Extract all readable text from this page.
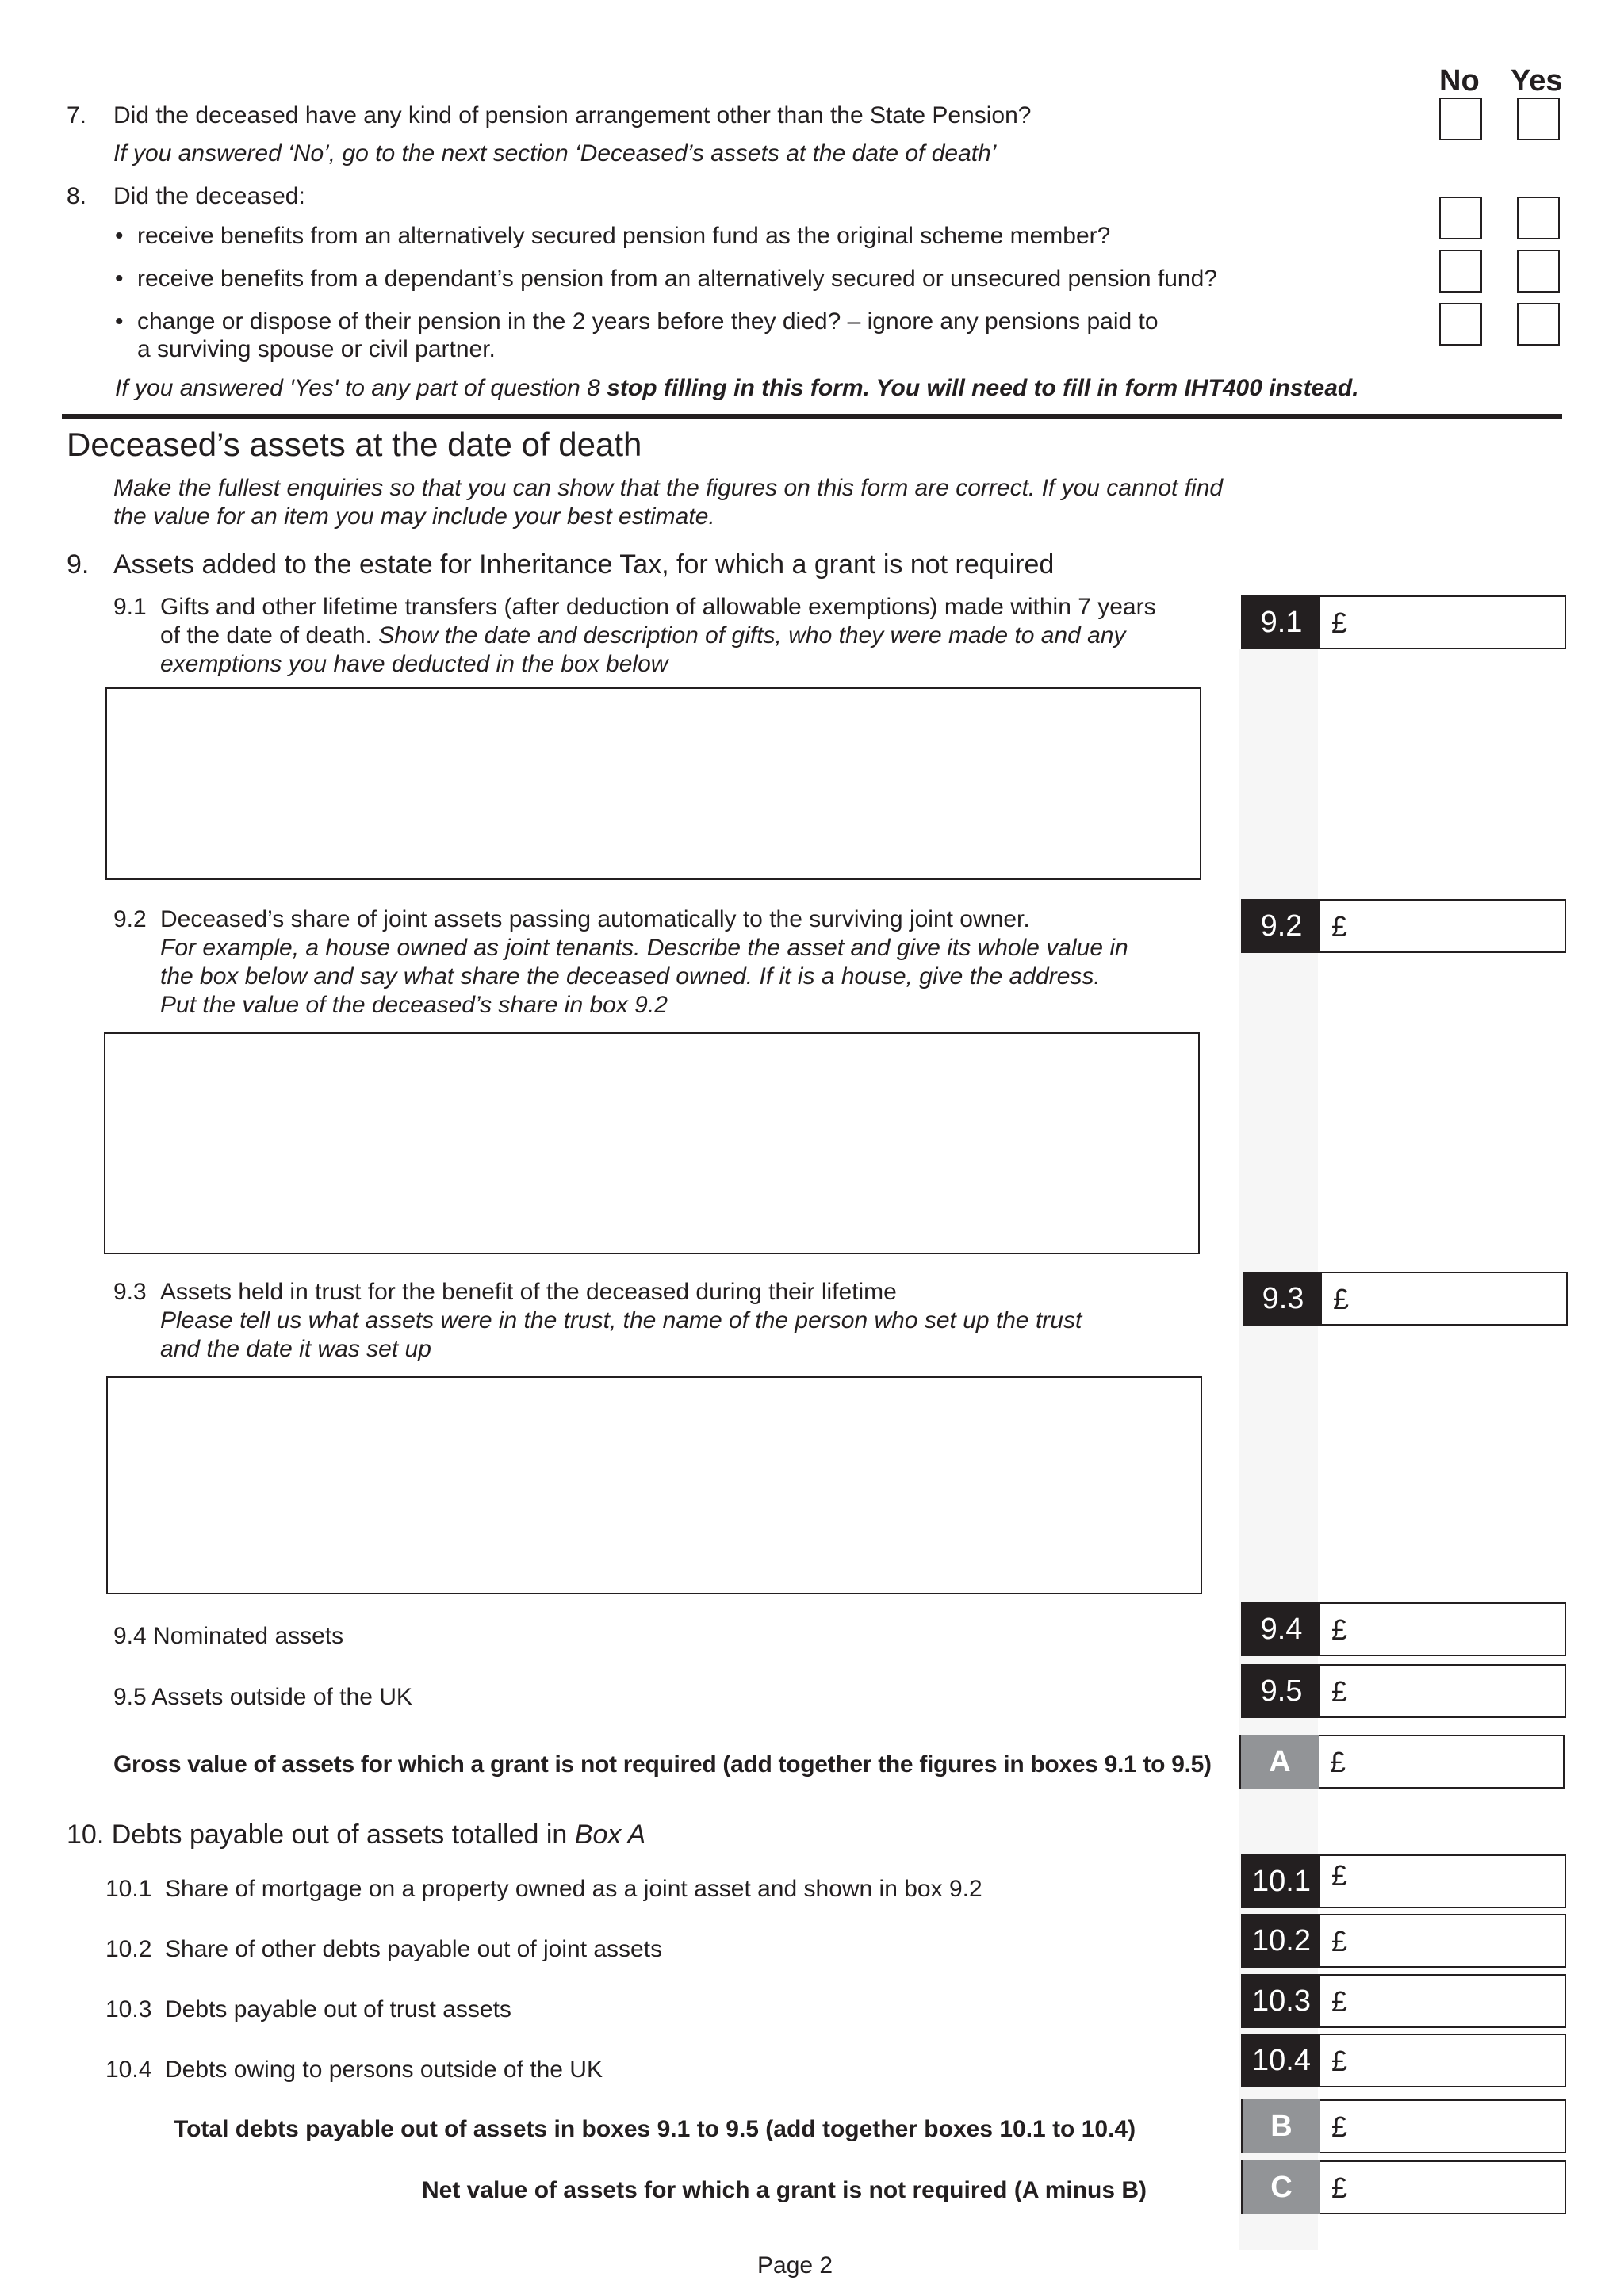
No Yes
7. Did the deceased have any kind of pension arrangement other than the State Pension?
If you answered ‘No’, go to the next section ‘Deceased’s assets at the date of death’
8. Did the deceased:
• receive benefits from an alternatively secured pension fund as the original scheme member?
• receive benefits from a dependant’s pension from an alternatively secured or unsecured pension fund?
• change or dispose of their pension in the 2 years before they died? – ignore any pensions paid to
a surviving spouse or civil partner.
If you answered 'Yes' to any part of question 8 stop filling in this form. You will need to fill in form IHT400 instead.
Deceased’s assets at the date of death
Make the fullest enquiries so that you can show that the figures on this form are correct. If you cannot find
the value for an item you may include your best estimate.
9. Assets added to the estate for Inheritance Tax, for which a grant is not required
9.1 Gifts and other lifetime transfers (after deduction of allowable exemptions) made within 7 years
of the date of death. Show the date and description of gifts, who they were made to and any
exemptions you have deducted in the box below
9.1	£
9.2 Deceased’s share of joint assets passing automatically to the surviving joint owner.
For example, a house owned as joint tenants. Describe the asset and give its whole value in
the box below and say what share the deceased owned. If it is a house, give the address.
Put the value of the deceased’s share in box 9.2
9.2	£
9.3 Assets held in trust for the benefit of the deceased during their lifetime
Please tell us what assets were in the trust, the name of the person who set up the trust
and the date it was set up
9.3	£
9.4 Nominated assets	9.4	£
9.5 Assets outside of the UK	9.5	£
Gross value of assets for which a grant is not required (add together the figures in boxes 9.1 to 9.5)	A	£
10. Debts payable out of assets totalled in Box A
10.1 Share of mortgage on a property owned as a joint asset and shown in box 9.2	10.1 £
10.2 Share of other debts payable out of joint assets	10.2 £
10.3 Debts payable out of trust assets	10.3 £
10.4 Debts owing to persons outside of the UK	10.4 £
Total debts payable out of assets in boxes 9.1 to 9.5 (add together boxes 10.1 to 10.4)	B	£
Net value of assets for which a grant is not required (A minus B)	C	£
Page 2
